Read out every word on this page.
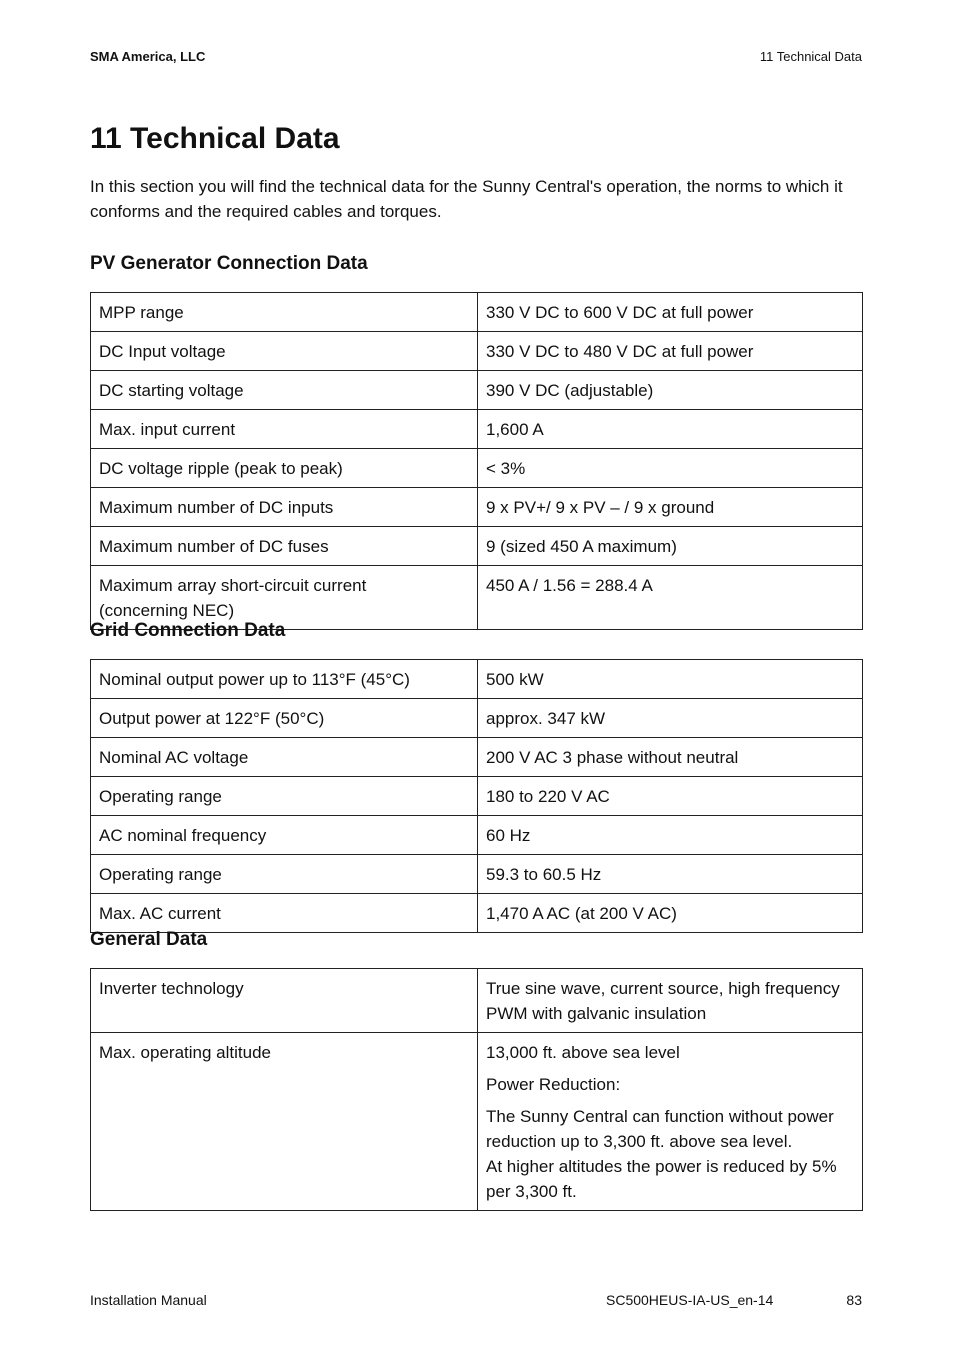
SMA America, LLC	11 Technical Data
11 Technical Data

In this section you will find the technical data for the Sunny Central's operation, the norms to which it conforms and the required cables and torques.

PV Generator Connection Data
MPP range	330 V DC to 600 V DC at full power
DC Input voltage	330 V DC to 480 V DC at full power
DC starting voltage	390 V DC (adjustable)
Max. input current	1,600 A
DC voltage ripple (peak to peak)	< 3%
Maximum number of DC inputs	9 x PV+/ 9 x PV – / 9 x ground
Maximum number of DC fuses	9 (sized 450 A maximum)
Maximum array short-circuit current (concerning NEC)	450 A / 1.56 = 288.4 A
Grid Connection Data
Nominal output power up to 113°F (45°C)	500 kW
Output power at 122°F (50°C)	approx. 347 kW
Nominal AC voltage	200 V AC 3 phase without neutral
Operating range	180 to 220 V AC
AC nominal frequency	60 Hz
Operating range	59.3 to 60.5 Hz
Max. AC current	1,470 A AC (at 200 V AC)
General Data
Inverter technology	True sine wave, current source, high frequency PWM with galvanic insulation
Max. operating altitude	13,000 ft. above sea level
Power Reduction:
The Sunny Central can function without power reduction up to 3,300 ft. above sea level.
At higher altitudes the power is reduced by 5% per 3,300 ft.
Installation Manual	SC500HEUS-IA-US_en-14	83
